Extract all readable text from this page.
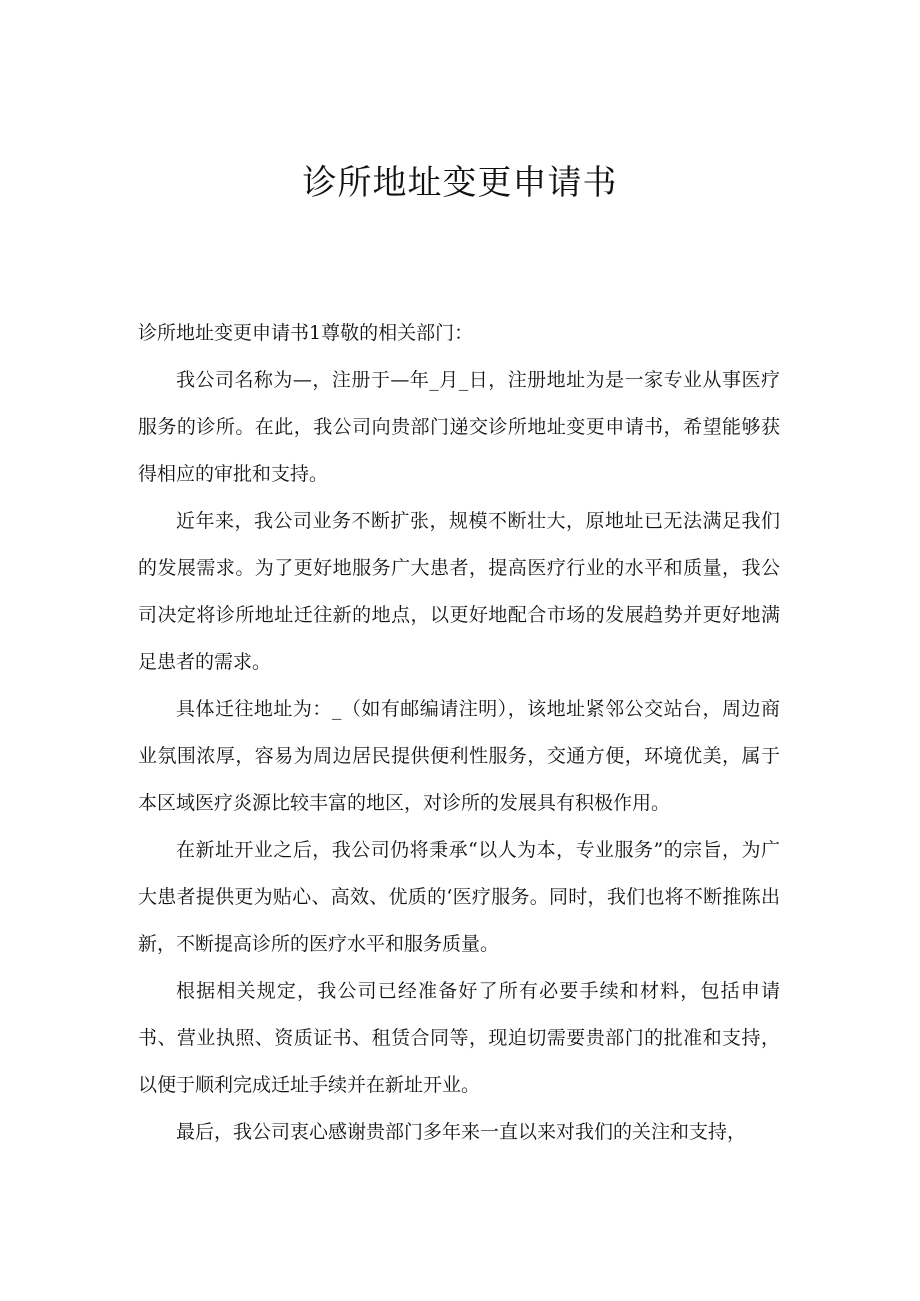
诊所地址变更申请书

诊所地址变更申请书1尊敬的相关部门：

我公司名称为—，注册于—年_月_日，注册地址为是一家专业从事医疗服务的诊所。在此，我公司向贵部门递交诊所地址变更申请书，希望能够获得相应的审批和支持。

近年来，我公司业务不断扩张，规模不断壮大，原地址已无法满足我们的发展需求。为了更好地服务广大患者，提高医疗行业的水平和质量，我公司决定将诊所地址迁往新的地点，以更好地配合市场的发展趋势并更好地满足患者的需求。

具体迁往地址为：_（如有邮编请注明），该地址紧邻公交站台，周边商业氛围浓厚，容易为周边居民提供便利性服务，交通方便，环境优美，属于本区域医疗炎源比较丰富的地区，对诊所的发展具有积极作用。

在新址开业之后，我公司仍将秉承“以人为本，专业服务”的宗旨，为广大患者提供更为贴心、高效、优质的‘医疗服务。同时，我们也将不断推陈出新，不断提高诊所的医疗水平和服务质量。

根据相关规定，我公司已经准备好了所有必要手续和材料，包括申请书、营业执照、资质证书、租赁合同等，现迫切需要贵部门的批准和支持，以便于顺利完成迁址手续并在新址开业。

最后，我公司衷心感谢贵部门多年来一直以来对我们的关注和支持，
